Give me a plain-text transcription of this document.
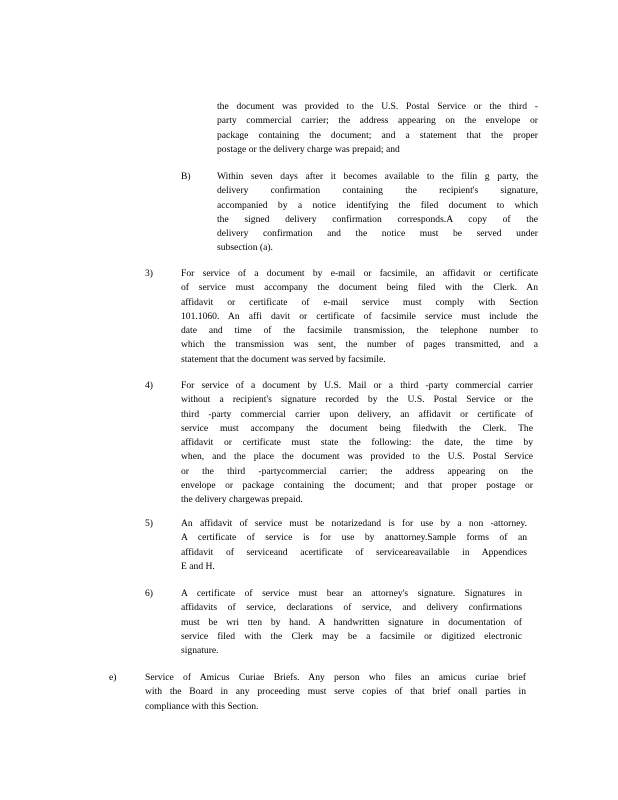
the document was provided to the U.S. Postal Service or the third -
party commercial carrier; the address appearing on the envelope or
package containing the document; and a statement that the proper
postage or the delivery charge was prepaid; and
B)	Within seven days after it becomes available to the filin g party, the
delivery confirmation containing the recipient's signature,
accompanied by a notice identifying the filed document to which
the signed delivery confirmation corresponds.A copy of the
delivery confirmation and the notice must be served under
subsection (a).
3)	For service of a document by e-mail or facsimile, an affidavit or certificate
of service must accompany the document being filed with the Clerk. An
affidavit or certificate of e-mail service must comply with Section
101.1060. An affi davit or certificate of facsimile service must include the
date and time of the facsimile transmission, the telephone number to
which the transmission was sent, the number of pages transmitted, and a
statement that the document was served by facsimile.
4)	For service of a document by U.S. Mail or a third -party commercial carrier
without a recipient's signature recorded by the U.S. Postal Service or the
third -party commercial carrier upon delivery, an affidavit or certificate of
service must accompany the document being filedwith the Clerk. The
affidavit or certificate must state the following: the date, the time by
when, and the place the document was provided to the U.S. Postal Service
or the third -partycommercial carrier; the address appearing on the
envelope or package containing the document; and that proper postage or
the delivery chargewas prepaid.
5)	An affidavit of service must be notarizedand is for use by a non -attorney.
A certificate of service is for use by anattorney.Sample forms of an
affidavit of serviceand acertificate of serviceareavailable in Appendices
E and H.
6)	A certificate of service must bear an attorney's signature. Signatures in
affidavits of service, declarations of service, and delivery confirmations
must be wri tten by hand. A handwritten signature in documentation of
service filed with the Clerk may be a facsimile or digitized electronic
signature.
e)	Service of Amicus Curiae Briefs. Any person who files an amicus curiae brief
with the Board in any proceeding must serve copies of that brief onall parties in
compliance with this Section.
